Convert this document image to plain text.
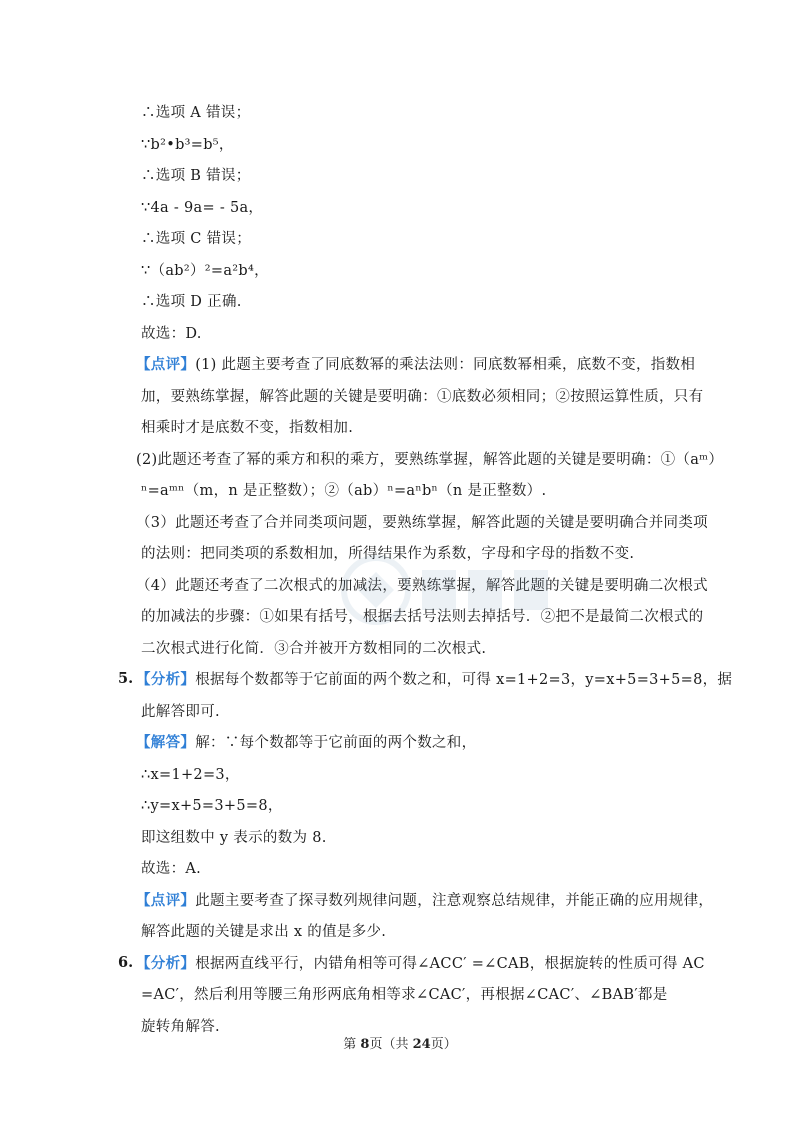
∴选项 A 错误；
∵b²•b³=b⁵，
∴选项 B 错误；
∵4a - 9a= - 5a，
∴选项 C 错误；
∵（ab²）²=a²b⁴，
∴选项 D 正确.
故选：D.
【点评】(1) 此题主要考查了同底数幂的乘法法则：同底数幂相乘，底数不变，指数相
加，要熟练掌握，解答此题的关键是要明确：①底数必须相同；②按照运算性质，只有
相乘时才是底数不变，指数相加.
(2)此题还考查了幂的乘方和积的乘方，要熟练掌握，解答此题的关键是要明确：①（aᵐ）
ⁿ=aᵐⁿ（m，n 是正整数）；②（ab）ⁿ=aⁿbⁿ（n 是正整数）.
（3）此题还考查了合并同类项问题，要熟练掌握，解答此题的关键是要明确合并同类项
的法则：把同类项的系数相加，所得结果作为系数，字母和字母的指数不变.
（4）此题还考查了二次根式的加减法，要熟练掌握，解答此题的关键是要明确二次根式
的加减法的步骤：①如果有括号，根据去括号法则去掉括号．②把不是最简二次根式的
二次根式进行化简．③合并被开方数相同的二次根式.
5. 【分析】根据每个数都等于它前面的两个数之和，可得 x=1+2=3，y=x+5=3+5=8，据
此解答即可.
【解答】解：∵每个数都等于它前面的两个数之和，
∴x=1+2=3，
∴y=x+5=3+5=8，
即这组数中 y 表示的数为 8.
故选：A.
【点评】此题主要考查了探寻数列规律问题，注意观察总结规律，并能正确的应用规律，
解答此题的关键是求出 x 的值是多少.
6. 【分析】根据两直线平行，内错角相等可得∠ACC′ =∠CAB，根据旋转的性质可得 AC
=AC′，然后利用等腰三角形两底角相等求∠CAC′，再根据∠CAC′、∠BAB′都是
旋转角解答.
第 8页（共 24页）
